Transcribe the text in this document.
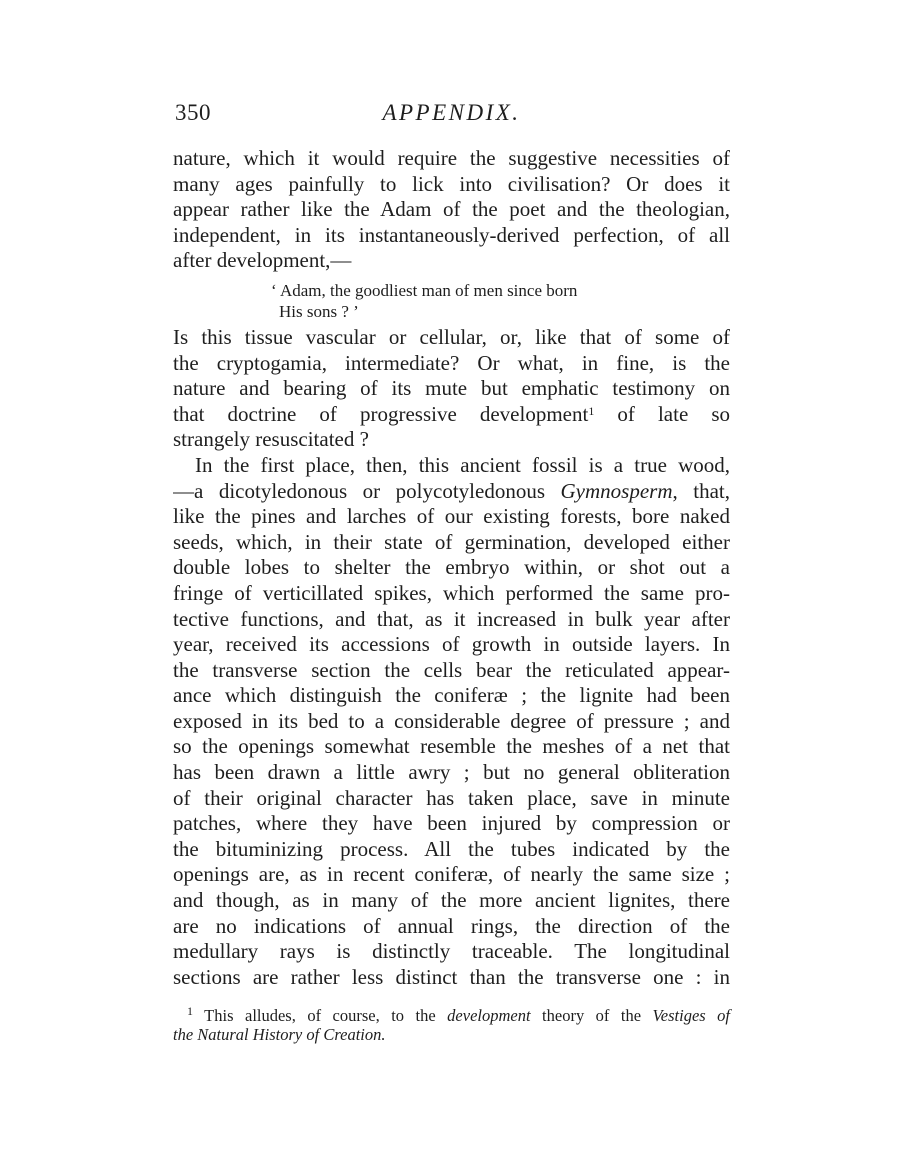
350	APPENDIX.
nature, which it would require the suggestive necessities of
many ages painfully to lick into civilisation? Or does it
appear rather like the Adam of the poet and the theologian,
independent, in its instantaneously-derived perfection, of all
after development,—
‘ Adam, the goodliest man of men since born
His sons ? ’
Is this tissue vascular or cellular, or, like that of some of
the cryptogamia, intermediate? Or what, in fine, is the
nature and bearing of its mute but emphatic testimony on
that doctrine of progressive development$^1$ of late so
strangely resuscitated ?
In the first place, then, this ancient fossil is a true wood,
—a dicotyledonous or polycotyledonous Gymnosperm, that,
like the pines and larches of our existing forests, bore naked
seeds, which, in their state of germination, developed either
double lobes to shelter the embryo within, or shot out a
fringe of verticillated spikes, which performed the same pro-
tective functions, and that, as it increased in bulk year after
year, received its accessions of growth in outside layers. In
the transverse section the cells bear the reticulated appear-
ance which distinguish the coniferæ ; the lignite had been
exposed in its bed to a considerable degree of pressure ; and
so the openings somewhat resemble the meshes of a net that
has been drawn a little awry ; but no general obliteration
of their original character has taken place, save in minute
patches, where they have been injured by compression or
the bituminizing process. All the tubes indicated by the
openings are, as in recent coniferæ, of nearly the same size ;
and though, as in many of the more ancient lignites, there
are no indications of annual rings, the direction of the
medullary rays is distinctly traceable. The longitudinal
sections are rather less distinct than the transverse one : in
$^1$ This alludes, of course, to the development theory of the Vestiges of
the Natural History of Creation.
